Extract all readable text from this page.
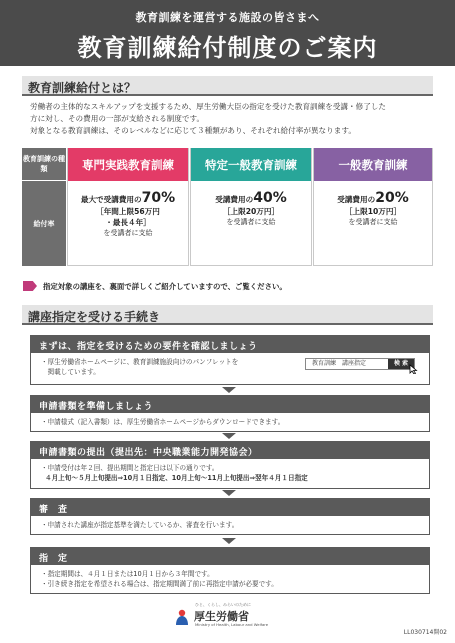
教育訓練を運営する施設の皆さまへ
教育訓練給付制度のご案内
教育訓練給付とは？

労働者の主体的なスキルアップを支援するため、厚生労働大臣の指定を受けた教育訓練を受講・修了した

方に対し、その費用の一部が支給される制度です。

対象となる教育訓練は、そのレベルなどに応じて３種類があり、それぞれ給付率が異なります。

教育訓練の種類
給付率
専門実践教育訓練
最大で受講費用の70%
［年間上限56万円
・最長４年］
を受講者に支給
特定一般教育訓練
受講費用の40%
［上限20万円］
を受講者に支給
一般教育訓練
受講費用の20%
［上限10万円］
を受講者に支給
指定対象の講座を、裏面で詳しくご紹介していますので、ご覧ください。
講座指定を受ける手続き
まずは、指定を受けるための要件を確認しましょう
・厚生労働省ホームページに、教育訓練施設向けのパンフレットを
　掲載しています。
教育訓練　講座指定	検 索
申請書類を準備しましょう
・申請様式（記入書類）は、厚生労働省ホームページからダウンロードできます。
申請書類の提出（提出先：中央職業能力開発協会）
・申請受付は年２回、提出期間と指定日は以下の通りです。
４月上旬～５月上旬提出⇒10月１日指定、10月上旬～11月上旬提出⇒翌年４月１日指定
審　査
・申請された講座が指定基準を満たしているか、審査を行います。
指　定
・指定期間は、４月１日または10月１日から３年間です。
・引き続き指定を希望される場合は、指定期間満了前に再指定申請が必要です。
ひと、くらし、みらいのために
厚生労働省
Ministry of Health, Labour and Welfare
LL030714開02
